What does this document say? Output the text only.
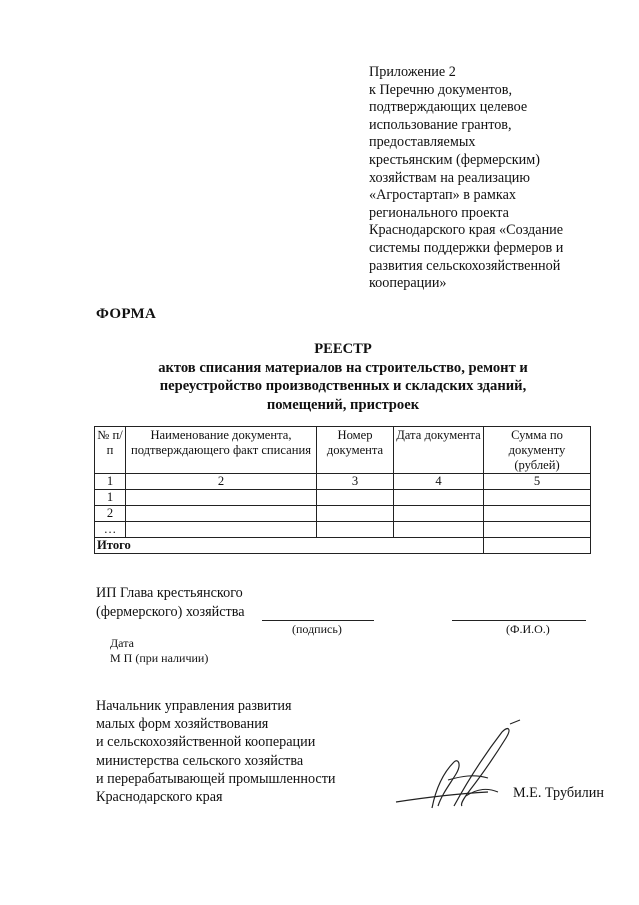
Приложение 2
к Перечню документов,
подтверждающих целевое
использование грантов,
предоставляемых
крестьянским (фермерским)
хозяйствам на реализацию
«Агростартап» в рамках
регионального проекта
Краснодарского края «Создание
системы поддержки фермеров и
развития сельскохозяйственной
кооперации»
ФОРМА
РЕЕСТР
актов списания материалов на строительство, ремонт и
переустройство производственных и складских зданий,
помещений, пристроек
№ п/п	Наименование документа, подтверждающего факт списания	Номер документа	Дата документа	Сумма по документу (рублей)
1	2	3	4	5
1				
2				
…				
Итого				
ИП Глава крестьянского
(фермерского) хозяйства
(подпись)	(Ф.И.О.)
Дата
М П (при наличии)
Начальник управления развития
малых форм хозяйствования
и сельскохозяйственной кооперации
министерства сельского хозяйства
и перерабатывающей промышленности
Краснодарского края	М.Е. Трубилин
